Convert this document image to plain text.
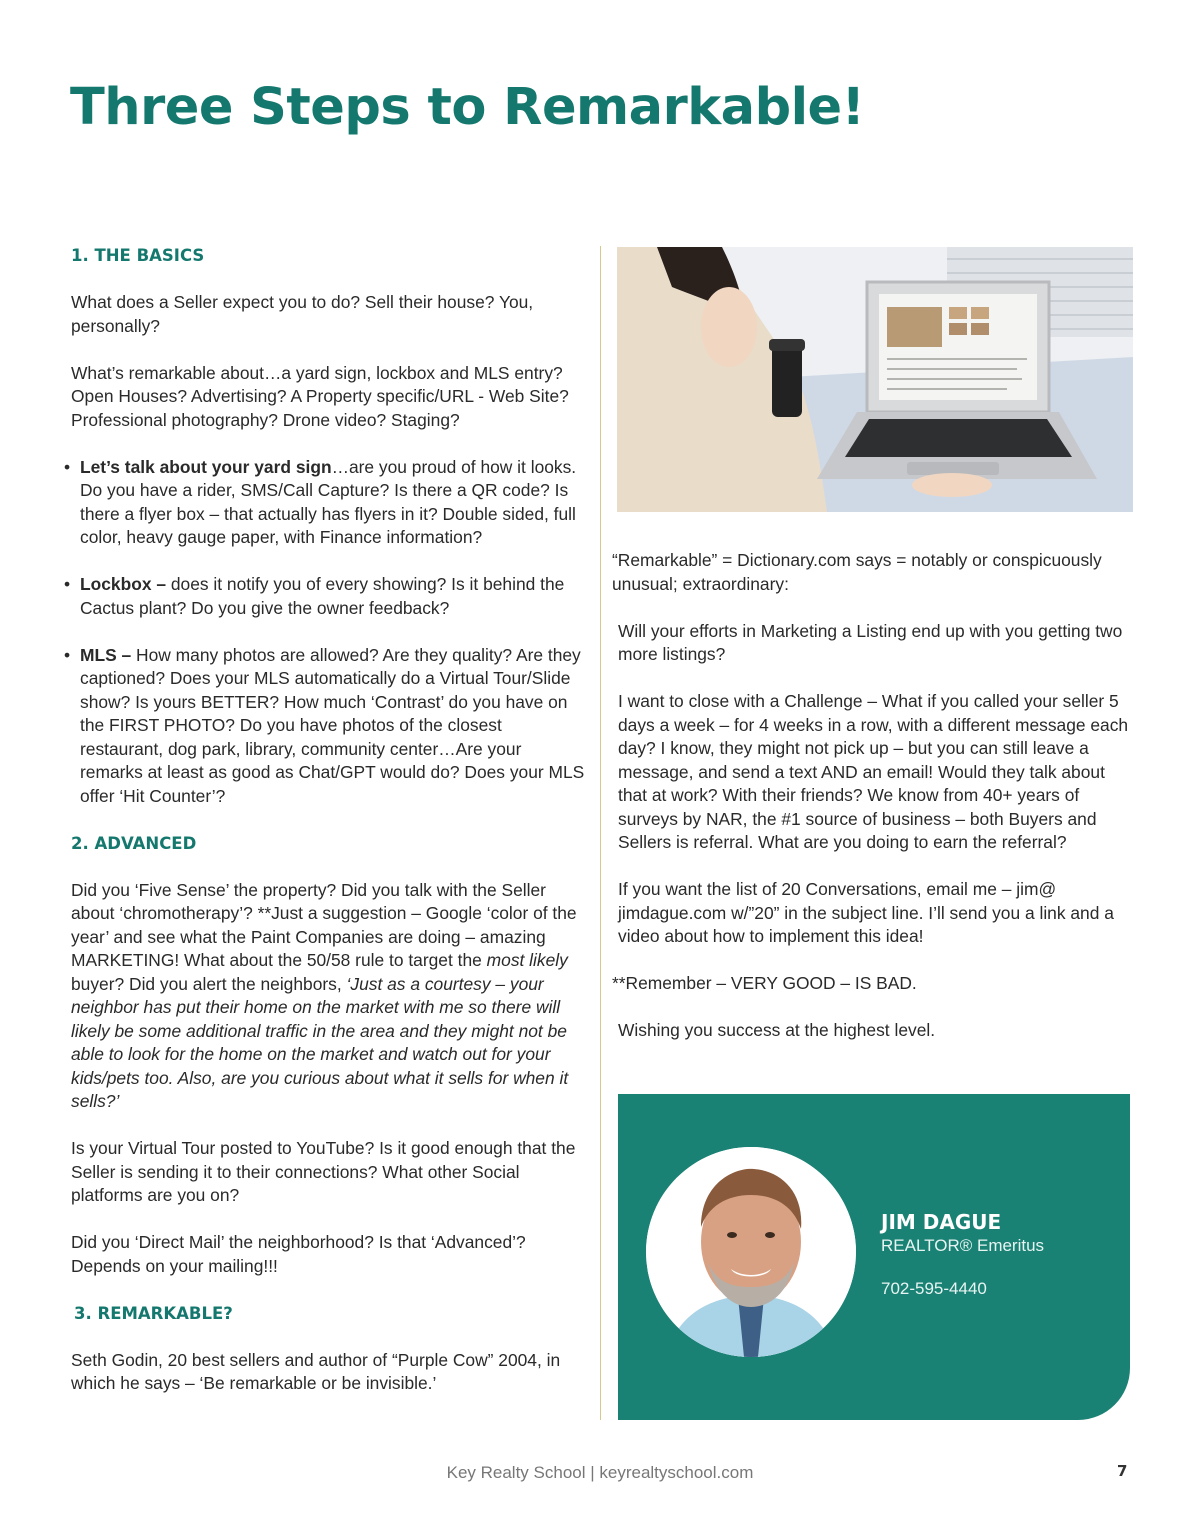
Three Steps to Remarkable!
1. THE BASICS

What does a Seller expect you to do? Sell their house? You, personally?

What’s remarkable about…a yard sign, lockbox and MLS entry? Open Houses? Advertising? A Property specific/URL - Web Site? Professional photography? Drone video? Staging?

• Let’s talk about your yard sign…are you proud of how it looks. Do you have a rider, SMS/Call Capture? Is there a QR code? Is there a flyer box – that actually has flyers in it? Double sided, full color, heavy gauge paper, with Finance information?
• Lockbox – does it notify you of every showing? Is it behind the Cactus plant? Do you give the owner feedback?
• MLS – How many photos are allowed? Are they quality? Are they captioned? Does your MLS automatically do a Virtual Tour/Slide show? Is yours BETTER? How much ‘Contrast’ do you have on the FIRST PHOTO? Do you have photos of the closest restaurant, dog park, library, community center…Are your remarks at least as good as Chat/GPT would do? Does your MLS offer ‘Hit Counter’?
2. ADVANCED

Did you ‘Five Sense’ the property? Did you talk with the Seller about ‘chromotherapy’? **Just a suggestion – Google ‘color of the year’ and see what the Paint Companies are doing – amazing MARKETING! What about the 50/58 rule to target the most likely buyer? Did you alert the neighbors, ‘Just as a courtesy – your neighbor has put their home on the market with me so there will likely be some additional traffic in the area and they might not be able to look for the home on the market and watch out for your kids/pets too. Also, are you curious about what it sells for when it sells?’

Is your Virtual Tour posted to YouTube? Is it good enough that the Seller is sending it to their connections? What other Social platforms are you on?

Did you ‘Direct Mail’ the neighborhood? Is that ‘Advanced’? Depends on your mailing!!!

3. REMARKABLE?

Seth Godin, 20 best sellers and author of “Purple Cow” 2004, in which he says – ‘Be remarkable or be invisible.’

“Remarkable” = Dictionary.com says = notably or conspicuously unusual; extraordinary:

Will your efforts in Marketing a Listing end up with you getting two more listings?

I want to close with a Challenge – What if you called your seller 5 days a week – for 4 weeks in a row, with a different message each day? I know, they might not pick up – but you can still leave a message, and send a text AND an email! Would they talk about that at work? With their friends? We know from 40+ years of surveys by NAR, the #1 source of business – both Buyers and Sellers is referral. What are you doing to earn the referral?

If you want the list of 20 Conversations, email me – jim@ jimdague.com w/”20” in the subject line. I’ll send you a link and a video about how to implement this idea!

**Remember – VERY GOOD – IS BAD.

Wishing you success at the highest level.

JIM DAGUE
REALTOR® Emeritus
702-595-4440
Key Realty School | keyrealtyschool.com	7
